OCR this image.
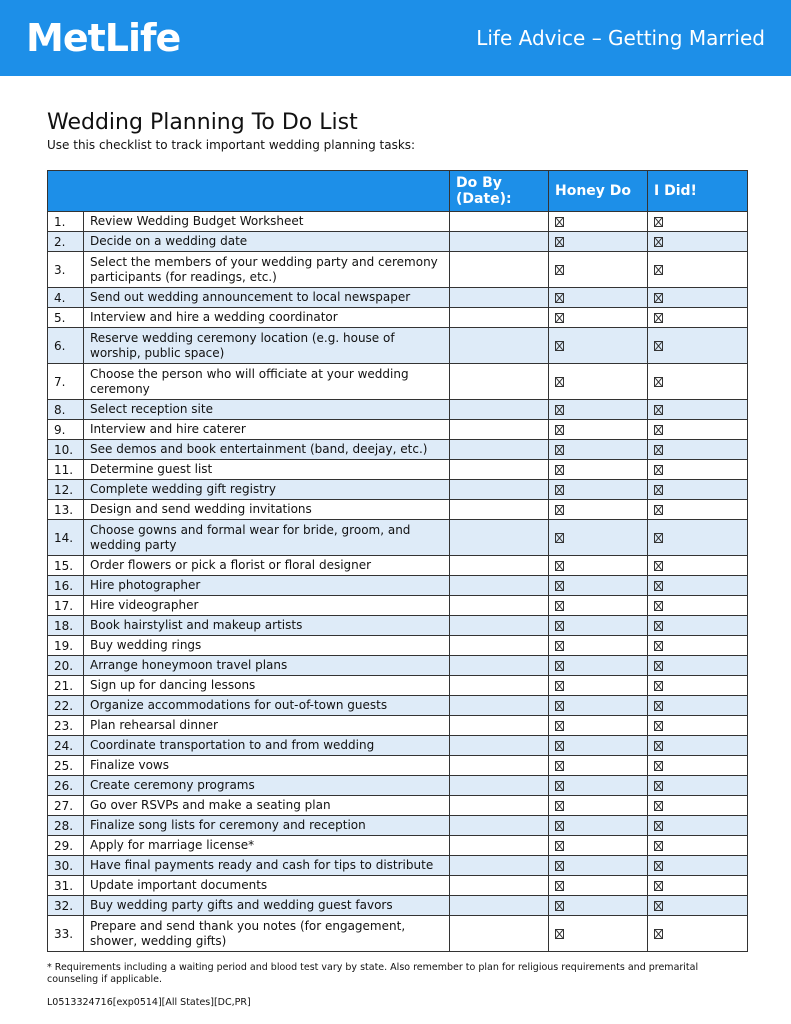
MetLife	Life Advice – Getting Married
Wedding Planning To Do List
Use this checklist to track important wedding planning tasks:
		Do By (Date):	Honey Do	I Did!
1.	Review Wedding Budget Worksheet			
2.	Decide on a wedding date			
3.	Select the members of your wedding party and ceremony participants (for readings, etc.)			
4.	Send out wedding announcement to local newspaper			
5.	Interview and hire a wedding coordinator			
6.	Reserve wedding ceremony location (e.g. house of worship, public space)			
7.	Choose the person who will officiate at your wedding ceremony			
8.	Select reception site			
9.	Interview and hire caterer			
10.	See demos and book entertainment (band, deejay, etc.)			
11.	Determine guest list			
12.	Complete wedding gift registry			
13.	Design and send wedding invitations			
14.	Choose gowns and formal wear for bride, groom, and wedding party			
15.	Order flowers or pick a florist or floral designer			
16.	Hire photographer			
17.	Hire videographer			
18.	Book hairstylist and makeup artists			
19.	Buy wedding rings			
20.	Arrange honeymoon travel plans			
21.	Sign up for dancing lessons			
22.	Organize accommodations for out-of-town guests			
23.	Plan rehearsal dinner			
24.	Coordinate transportation to and from wedding			
25.	Finalize vows			
26.	Create ceremony programs			
27.	Go over RSVPs and make a seating plan			
28.	Finalize song lists for ceremony and reception			
29.	Apply for marriage license*			
30.	Have final payments ready and cash for tips to distribute			
31.	Update important documents			
32.	Buy wedding party gifts and wedding guest favors			
33.	Prepare and send thank you notes (for engagement, shower, wedding gifts)			
* Requirements including a waiting period and blood test vary by state. Also remember to plan for religious requirements and premarital counseling if applicable.
L0513324716[exp0514][All States][DC,PR]
